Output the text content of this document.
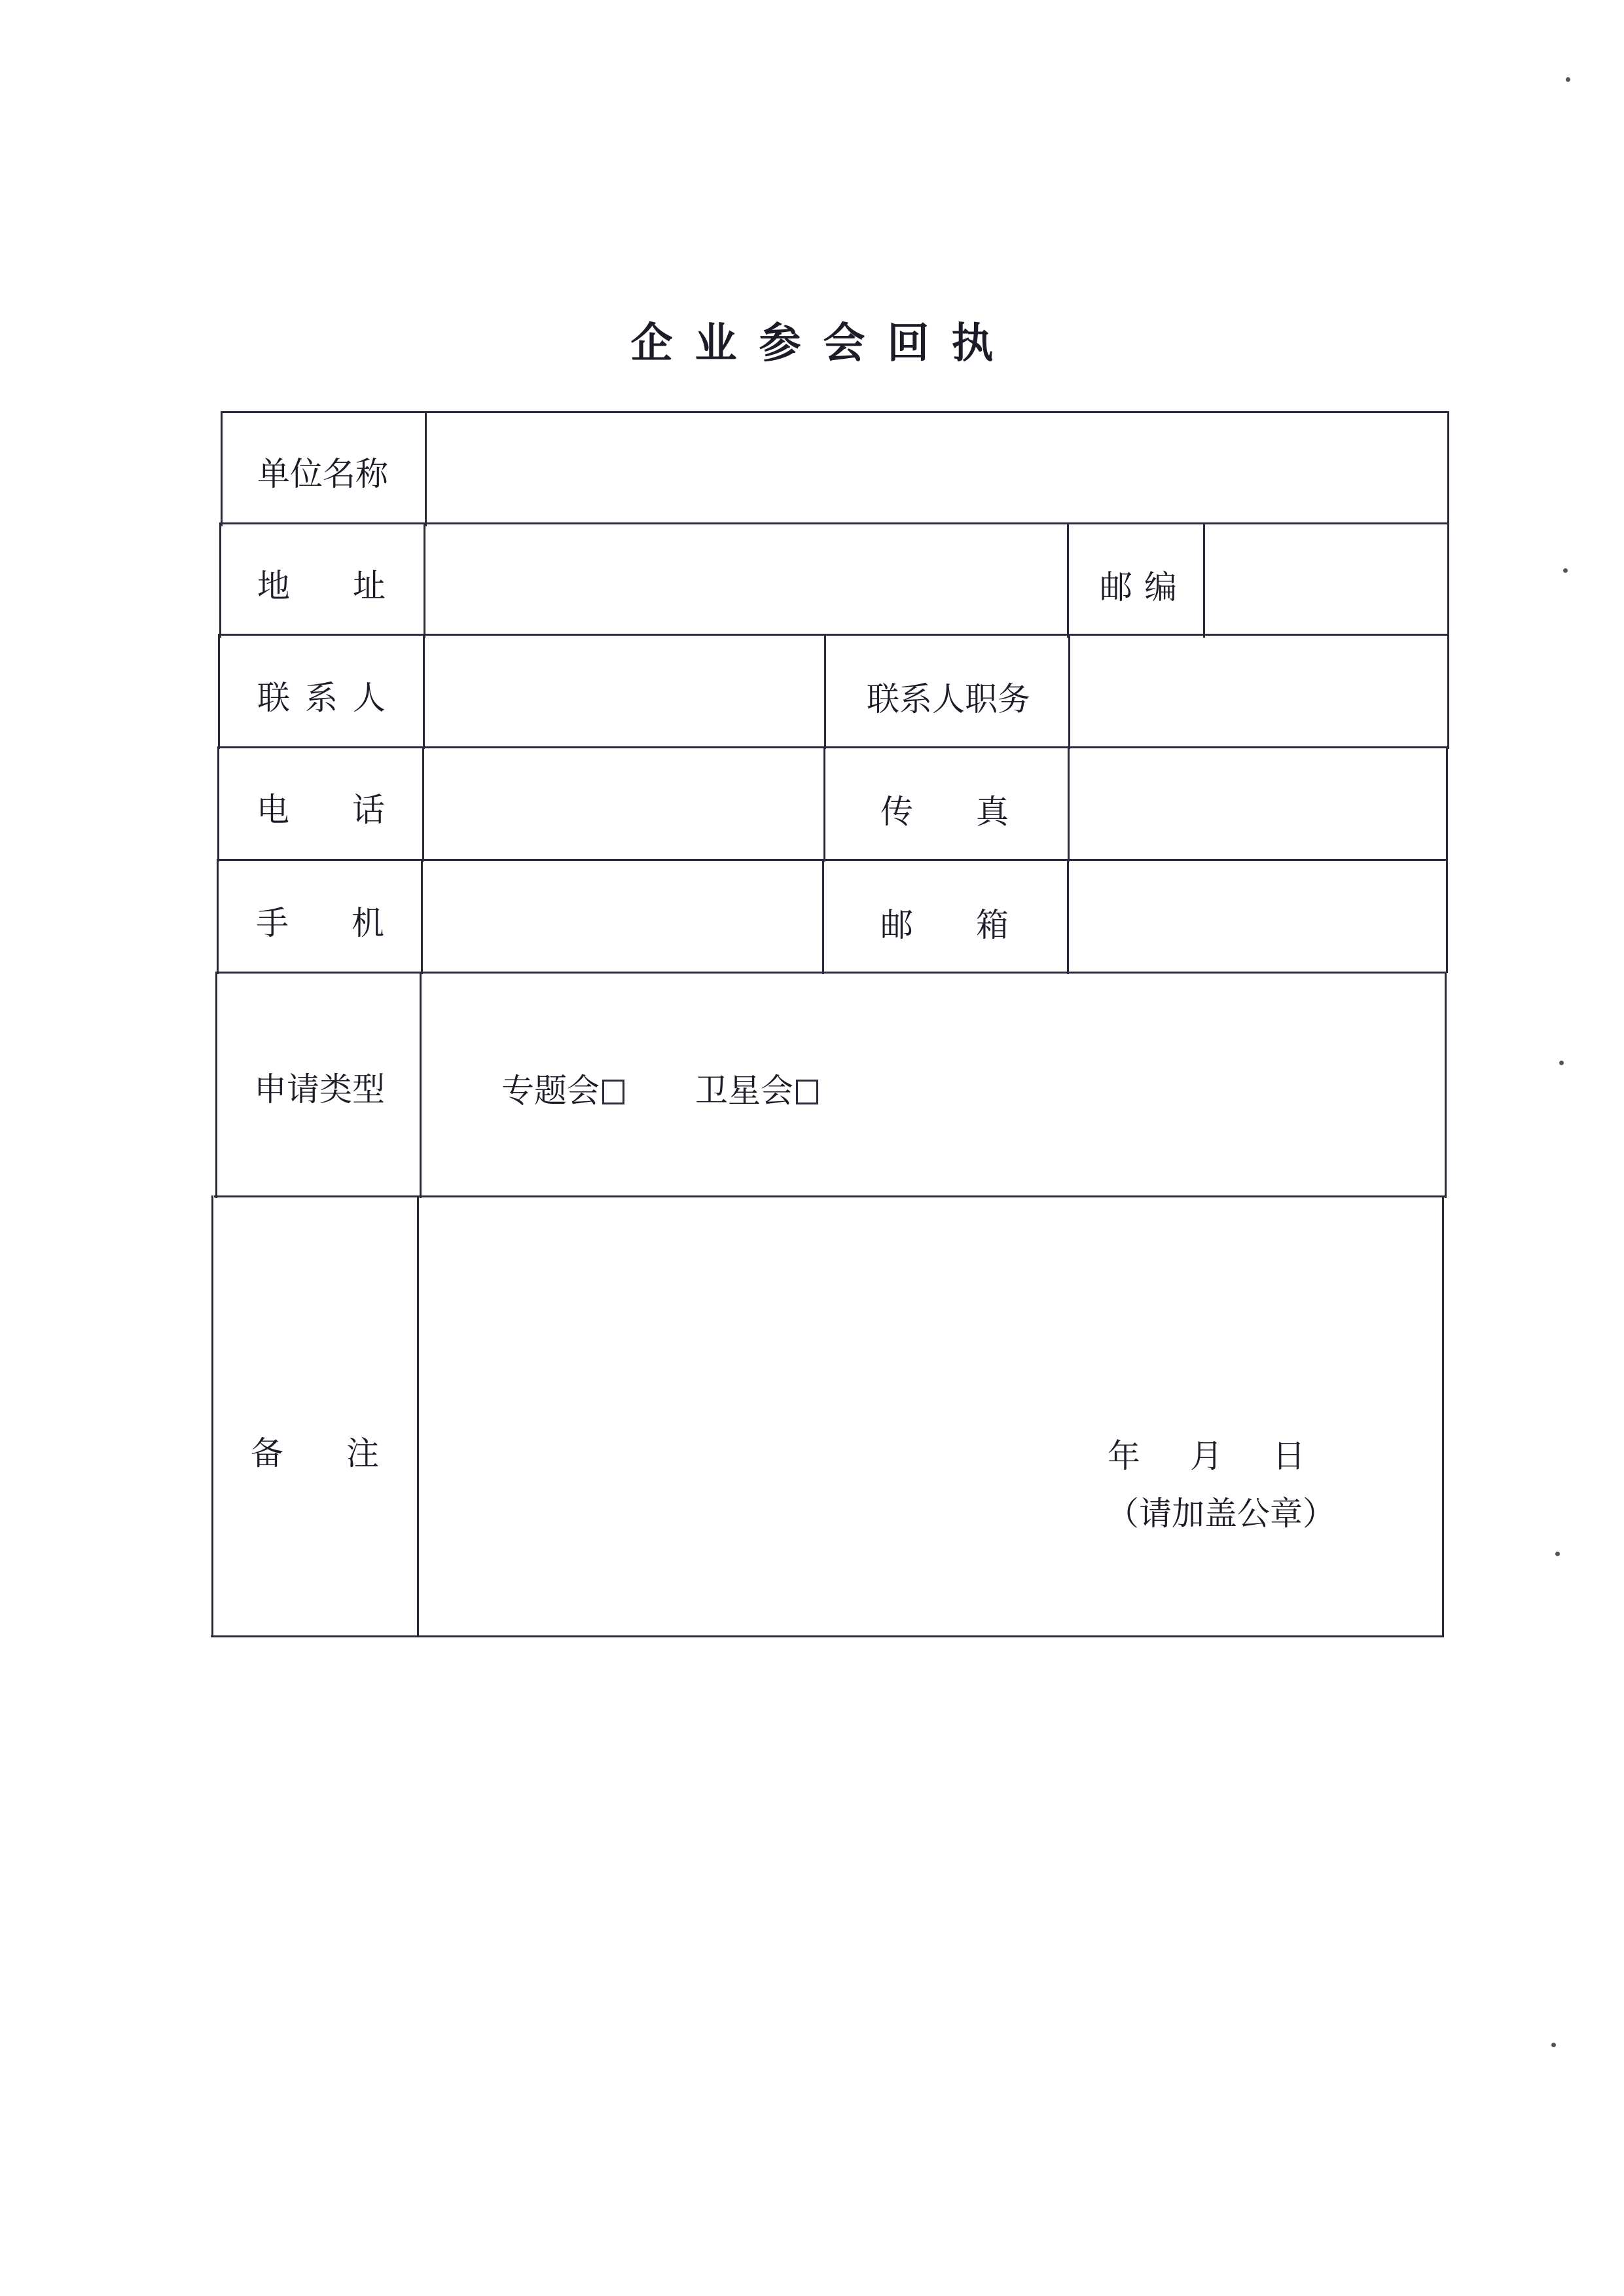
企业参会回执
单位名称
地 址	邮 编
联 系 人	联系人职务
电 话	传 真
手 机	邮 箱
申请类型	专题会	卫星会
备 注	年 月 日
（请加盖公章）
